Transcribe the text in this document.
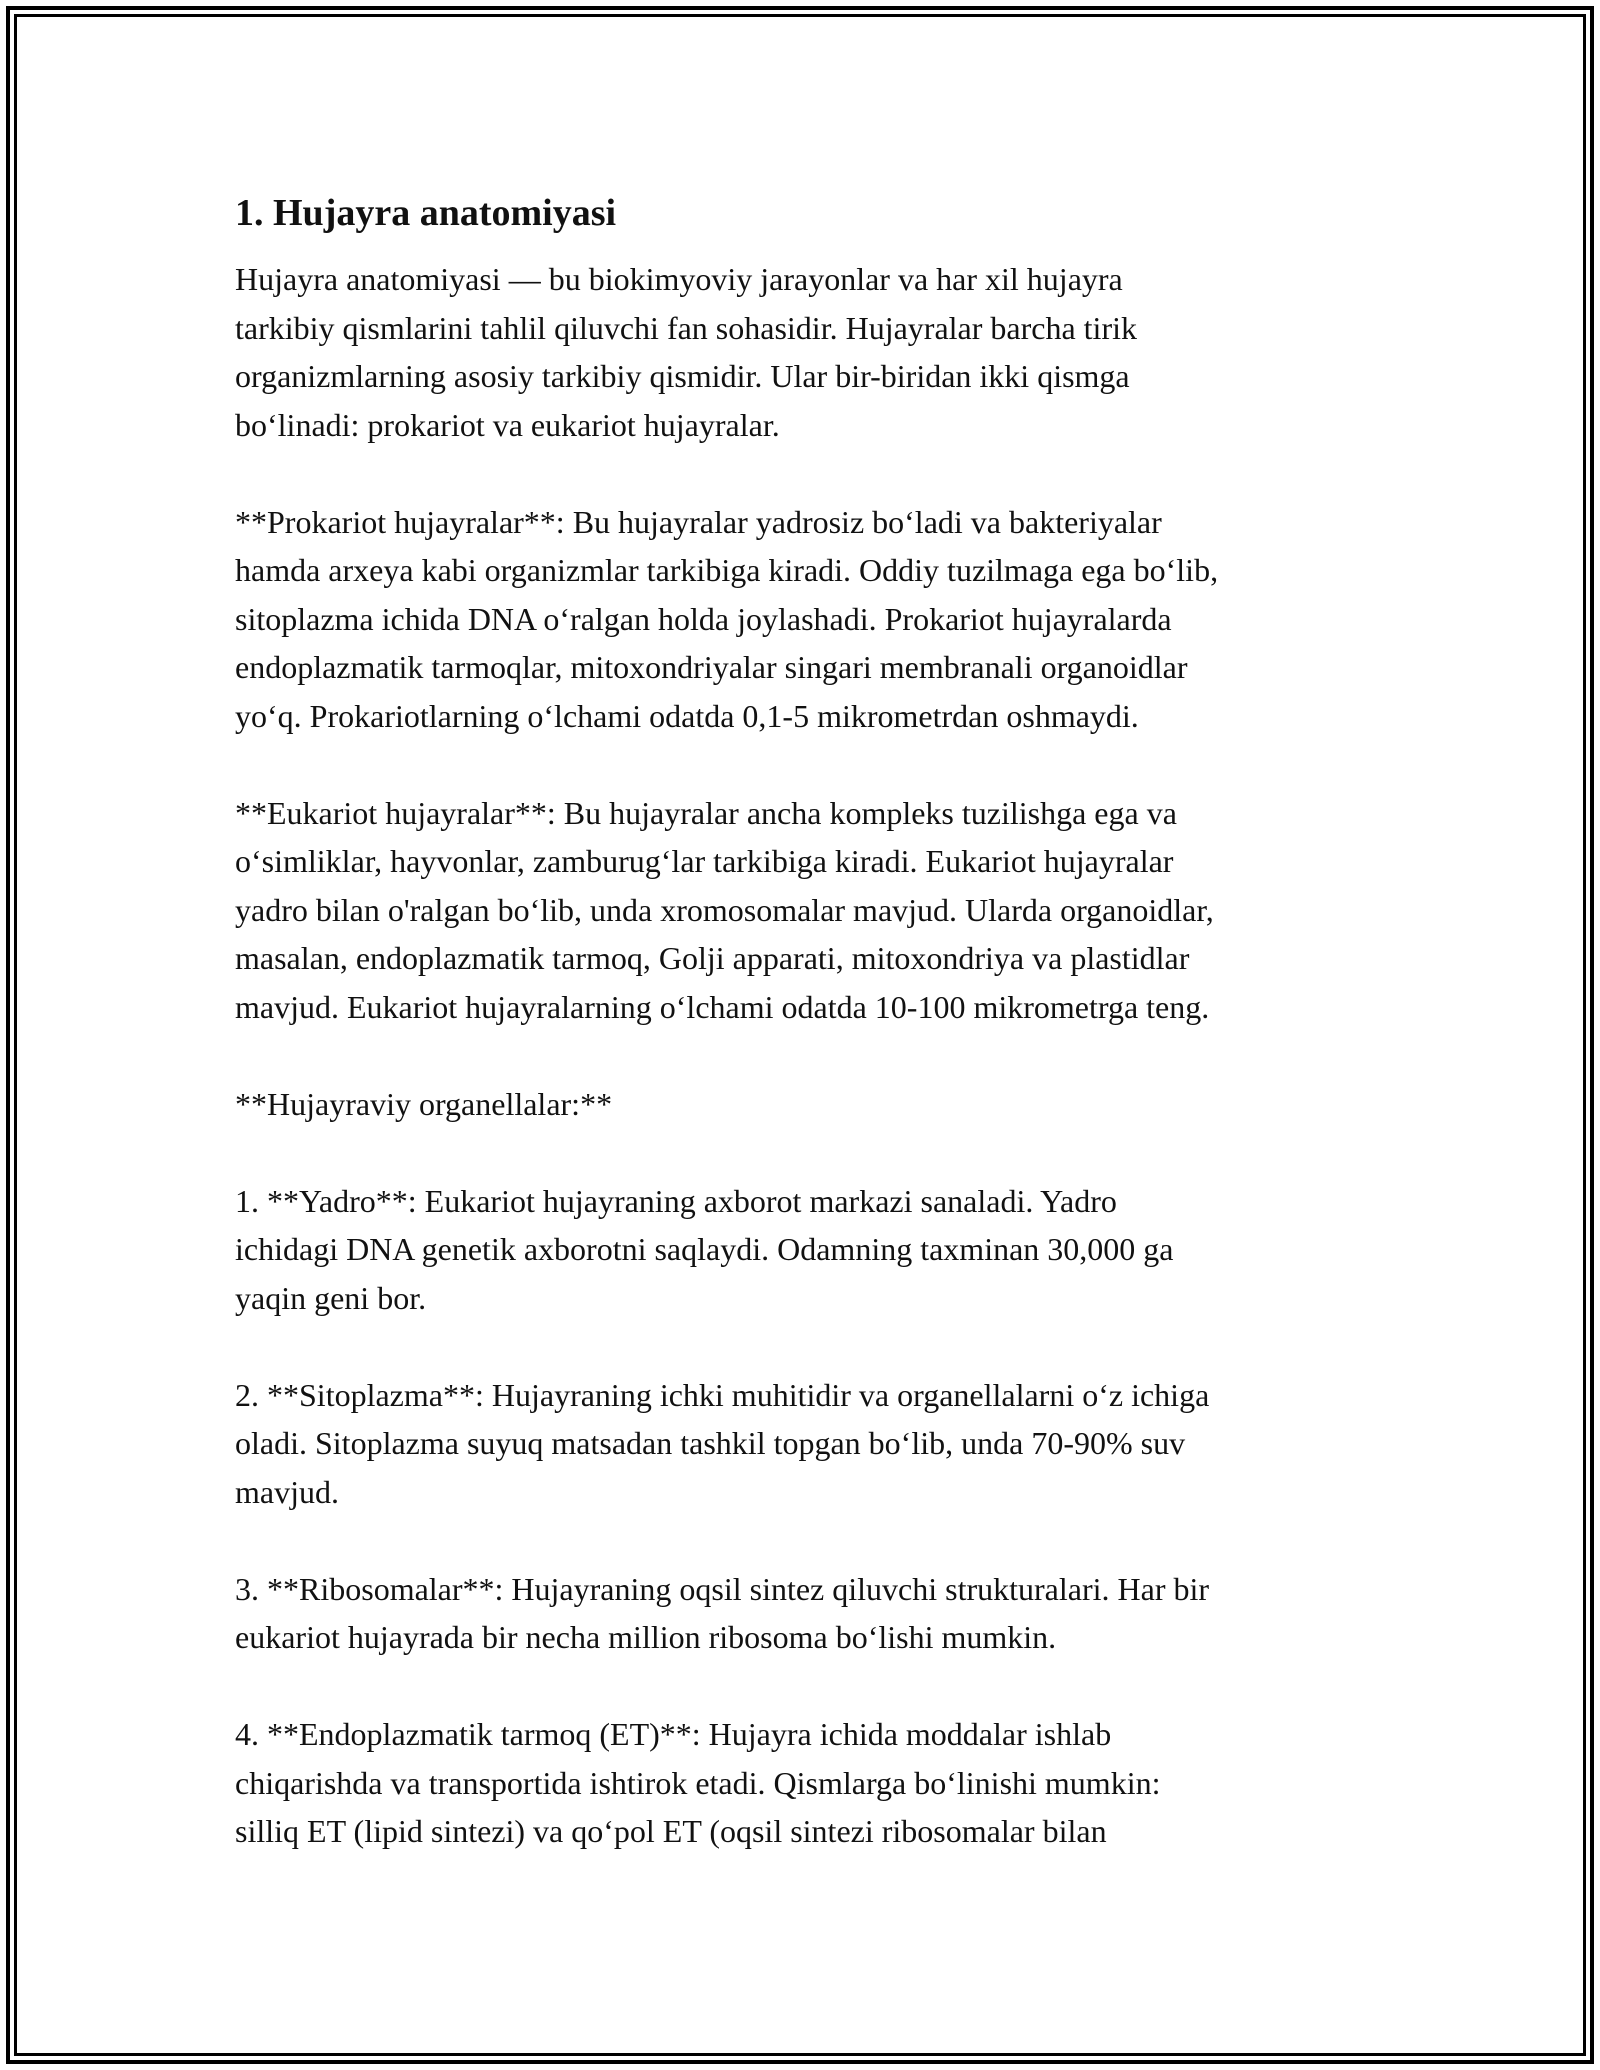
1. Hujayra anatomiyasi

Hujayra anatomiyasi — bu biokimyoviy jarayonlar va har xil hujayra
tarkibiy qismlarini tahlil qiluvchi fan sohasidir. Hujayralar barcha tirik
organizmlarning asosiy tarkibiy qismidir. Ular bir-biridan ikki qismga
boʻlinadi: prokariot va eukariot hujayralar.

**Prokariot hujayralar**: Bu hujayralar yadrosiz boʻladi va bakteriyalar
hamda arxeya kabi organizmlar tarkibiga kiradi. Oddiy tuzilmaga ega boʻlib,
sitoplazma ichida DNA oʻralgan holda joylashadi. Prokariot hujayralarda
endoplazmatik tarmoqlar, mitoxondriyalar singari membranali organoidlar
yoʻq. Prokariotlarning oʻlchami odatda 0,1-5 mikrometrdan oshmaydi.

**Eukariot hujayralar**: Bu hujayralar ancha kompleks tuzilishga ega va
oʻsimliklar, hayvonlar, zamburugʻlar tarkibiga kiradi. Eukariot hujayralar
yadro bilan o'ralgan boʻlib, unda xromosomalar mavjud. Ularda organoidlar,
masalan, endoplazmatik tarmoq, Golji apparati, mitoxondriya va plastidlar
mavjud. Eukariot hujayralarning oʻlchami odatda 10-100 mikrometrga teng.

**Hujayraviy organellalar:**

1. **Yadro**: Eukariot hujayraning axborot markazi sanaladi. Yadro
ichidagi DNA genetik axborotni saqlaydi. Odamning taxminan 30,000 ga
yaqin geni bor.

2. **Sitoplazma**: Hujayraning ichki muhitidir va organellalarni oʻz ichiga
oladi. Sitoplazma suyuq matsadan tashkil topgan boʻlib, unda 70-90% suv
mavjud.

3. **Ribosomalar**: Hujayraning oqsil sintez qiluvchi strukturalari. Har bir
eukariot hujayrada bir necha million ribosoma boʻlishi mumkin.

4. **Endoplazmatik tarmoq (ET)**: Hujayra ichida moddalar ishlab
chiqarishda va transportida ishtirok etadi. Qismlarga boʻlinishi mumkin:
silliq ET (lipid sintezi) va qoʻpol ET (oqsil sintezi ribosomalar bilan
